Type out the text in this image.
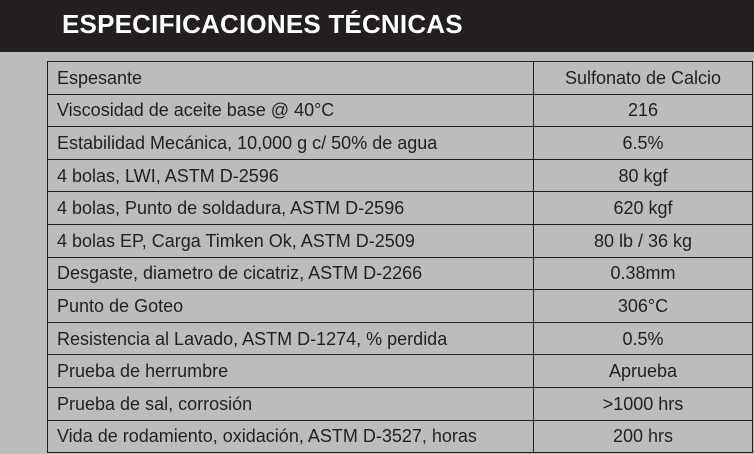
ESPECIFICACIONES TÉCNICAS
Espesante	Sulfonato de Calcio
Viscosidad de aceite base @ 40°C	216
Estabilidad Mecánica, 10,000 g c/ 50% de agua	6.5%
4 bolas, LWI, ASTM D-2596	80 kgf
4 bolas, Punto de soldadura, ASTM D-2596	620 kgf
4 bolas EP, Carga Timken Ok, ASTM D-2509	80 lb / 36 kg
Desgaste, diametro de cicatriz, ASTM D-2266	0.38mm
Punto de Goteo	306°C
Resistencia al Lavado, ASTM D-1274, % perdida	0.5%
Prueba de herrumbre	Aprueba
Prueba de sal, corrosión	>1000 hrs
Vida de rodamiento, oxidación, ASTM D-3527, horas	200 hrs
